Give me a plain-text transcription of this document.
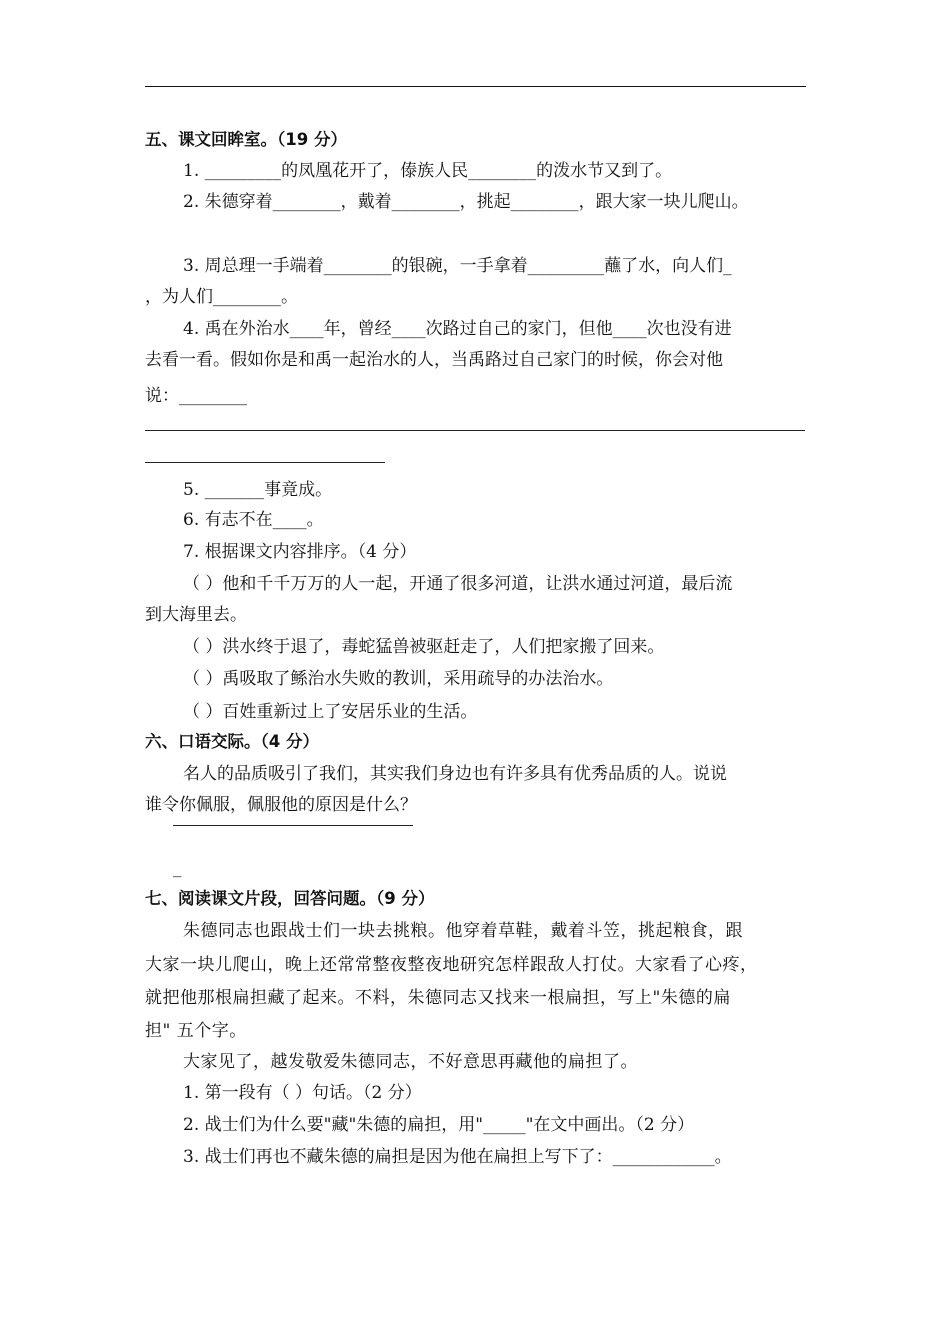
五、课文回眸室。（19 分）
1. _________的凤凰花开了，傣族人民________的泼水节又到了。
2. 朱德穿着________，戴着________，挑起________，跟大家一块儿爬山。
3. 周总理一手端着________的银碗，一手拿着_________蘸了水，向人们_
，为人们________。
4. 禹在外治水____年，曾经____次路过自己的家门，但他____次也没有进
去看一看。假如你是和禹一起治水的人，当禹路过自己家门的时候，你会对他
说：________
5. _______事竟成。
6. 有志不在____。
7. 根据课文内容排序。（4 分）
（ ）他和千千万万的人一起，开通了很多河道，让洪水通过河道，最后流
到大海里去。
（ ）洪水终于退了，毒蛇猛兽被驱赶走了，人们把家搬了回来。
（ ）禹吸取了鲧治水失败的教训，采用疏导的办法治水。
（ ）百姓重新过上了安居乐业的生活。
六、口语交际。（4 分）
名人的品质吸引了我们，其实我们身边也有许多具有优秀品质的人。说说
谁令你佩服，佩服他的原因是什么？
_
七、阅读课文片段，回答问题。（9 分）
朱德同志也跟战士们一块去挑粮。他穿着草鞋，戴着斗笠，挑起粮食，跟
大家一块儿爬山，晚上还常常整夜整夜地研究怎样跟敌人打仗。大家看了心疼，
就把他那根扁担藏了起来。不料，朱德同志又找来一根扁担，写上"朱德的扁
担" 五个字。
大家见了，越发敬爱朱德同志，不好意思再藏他的扁担了。
1. 第一段有（ ）句话。（2 分）
2. 战士们为什么要"藏"朱德的扁担，用"_____"在文中画出。（2 分）
3. 战士们再也不藏朱德的扁担是因为他在扁担上写下了：____________。
